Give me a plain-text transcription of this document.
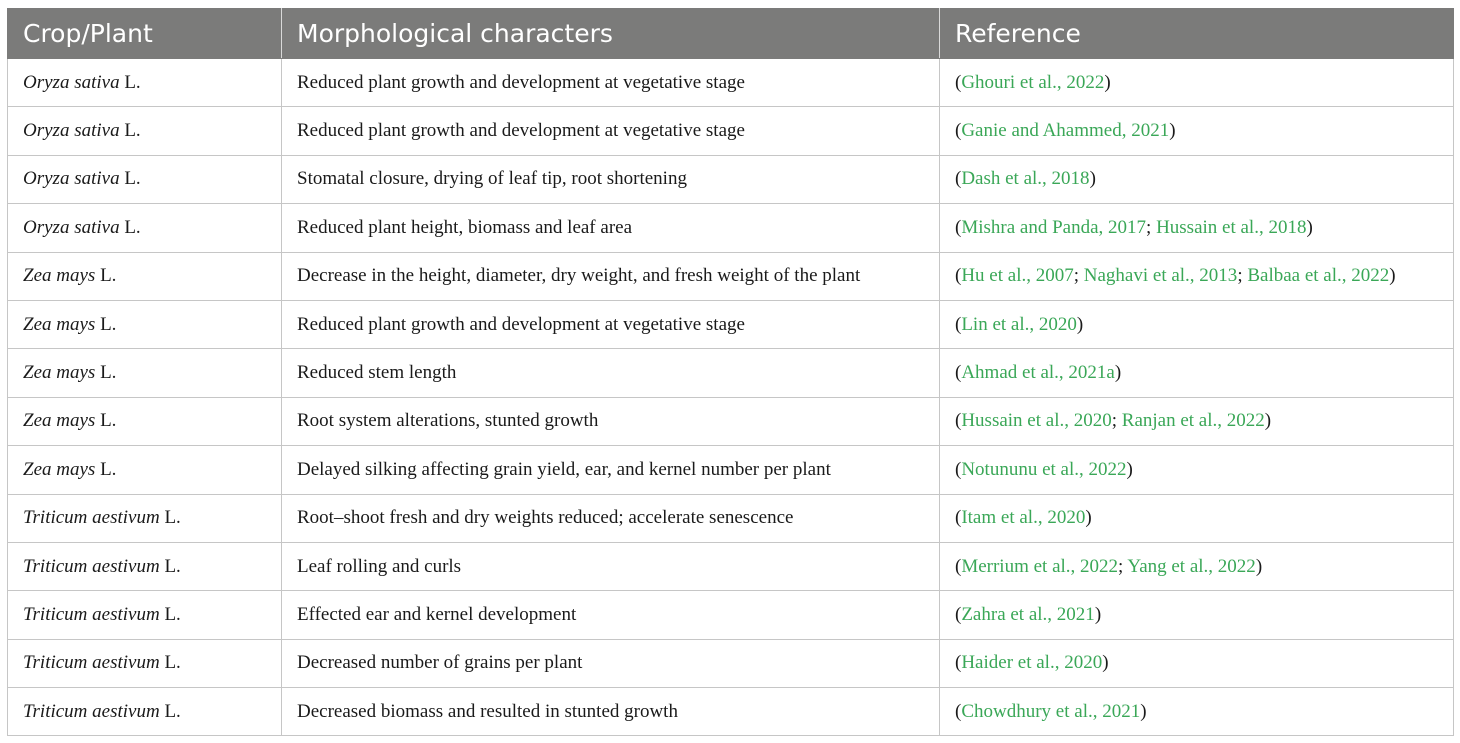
Crop/Plant	Morphological characters	Reference
Oryza sativa L.	Reduced plant growth and development at vegetative stage	(Ghouri et al., 2022)
Oryza sativa L.	Reduced plant growth and development at vegetative stage	(Ganie and Ahammed, 2021)
Oryza sativa L.	Stomatal closure, drying of leaf tip, root shortening	(Dash et al., 2018)
Oryza sativa L.	Reduced plant height, biomass and leaf area	(Mishra and Panda, 2017; Hussain et al., 2018)
Zea mays L.	Decrease in the height, diameter, dry weight, and fresh weight of the plant	(Hu et al., 2007; Naghavi et al., 2013; Balbaa et al., 2022)
Zea mays L.	Reduced plant growth and development at vegetative stage	(Lin et al., 2020)
Zea mays L.	Reduced stem length	(Ahmad et al., 2021a)
Zea mays L.	Root system alterations, stunted growth	(Hussain et al., 2020; Ranjan et al., 2022)
Zea mays L.	Delayed silking affecting grain yield, ear, and kernel number per plant	(Notununu et al., 2022)
Triticum aestivum L.	Root–shoot fresh and dry weights reduced; accelerate senescence	(Itam et al., 2020)
Triticum aestivum L.	Leaf rolling and curls	(Merrium et al., 2022; Yang et al., 2022)
Triticum aestivum L.	Effected ear and kernel development	(Zahra et al., 2021)
Triticum aestivum L.	Decreased number of grains per plant	(Haider et al., 2020)
Triticum aestivum L.	Decreased biomass and resulted in stunted growth	(Chowdhury et al., 2021)
